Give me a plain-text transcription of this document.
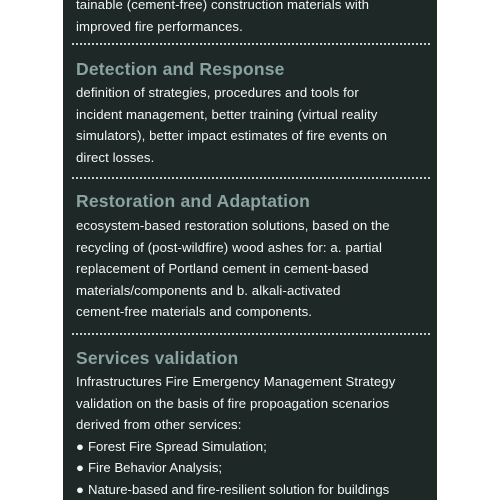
tainable (cement-free) construction materials with
improved fire performances.

Detection and Response

definition of strategies, procedures and tools for
incident management, better training (virtual reality
simulators), better impact estimates of fire events on
direct losses.

Restoration and Adaptation

ecosystem-based restoration solutions, based on the
recycling of (post-wildfire) wood ashes for: a. partial
replacement of Portland cement in cement-based
materials/components and b. alkali-activated
cement-free materials and components.

Services validation

Infrastructures Fire Emergency Management Strategy
validation on the basis of fire propoagation scenarios
derived from other services:

● Forest Fire Spread Simulation;
● Fire Behavior Analysis;
● Nature-based and fire-resilient solution for buildings
